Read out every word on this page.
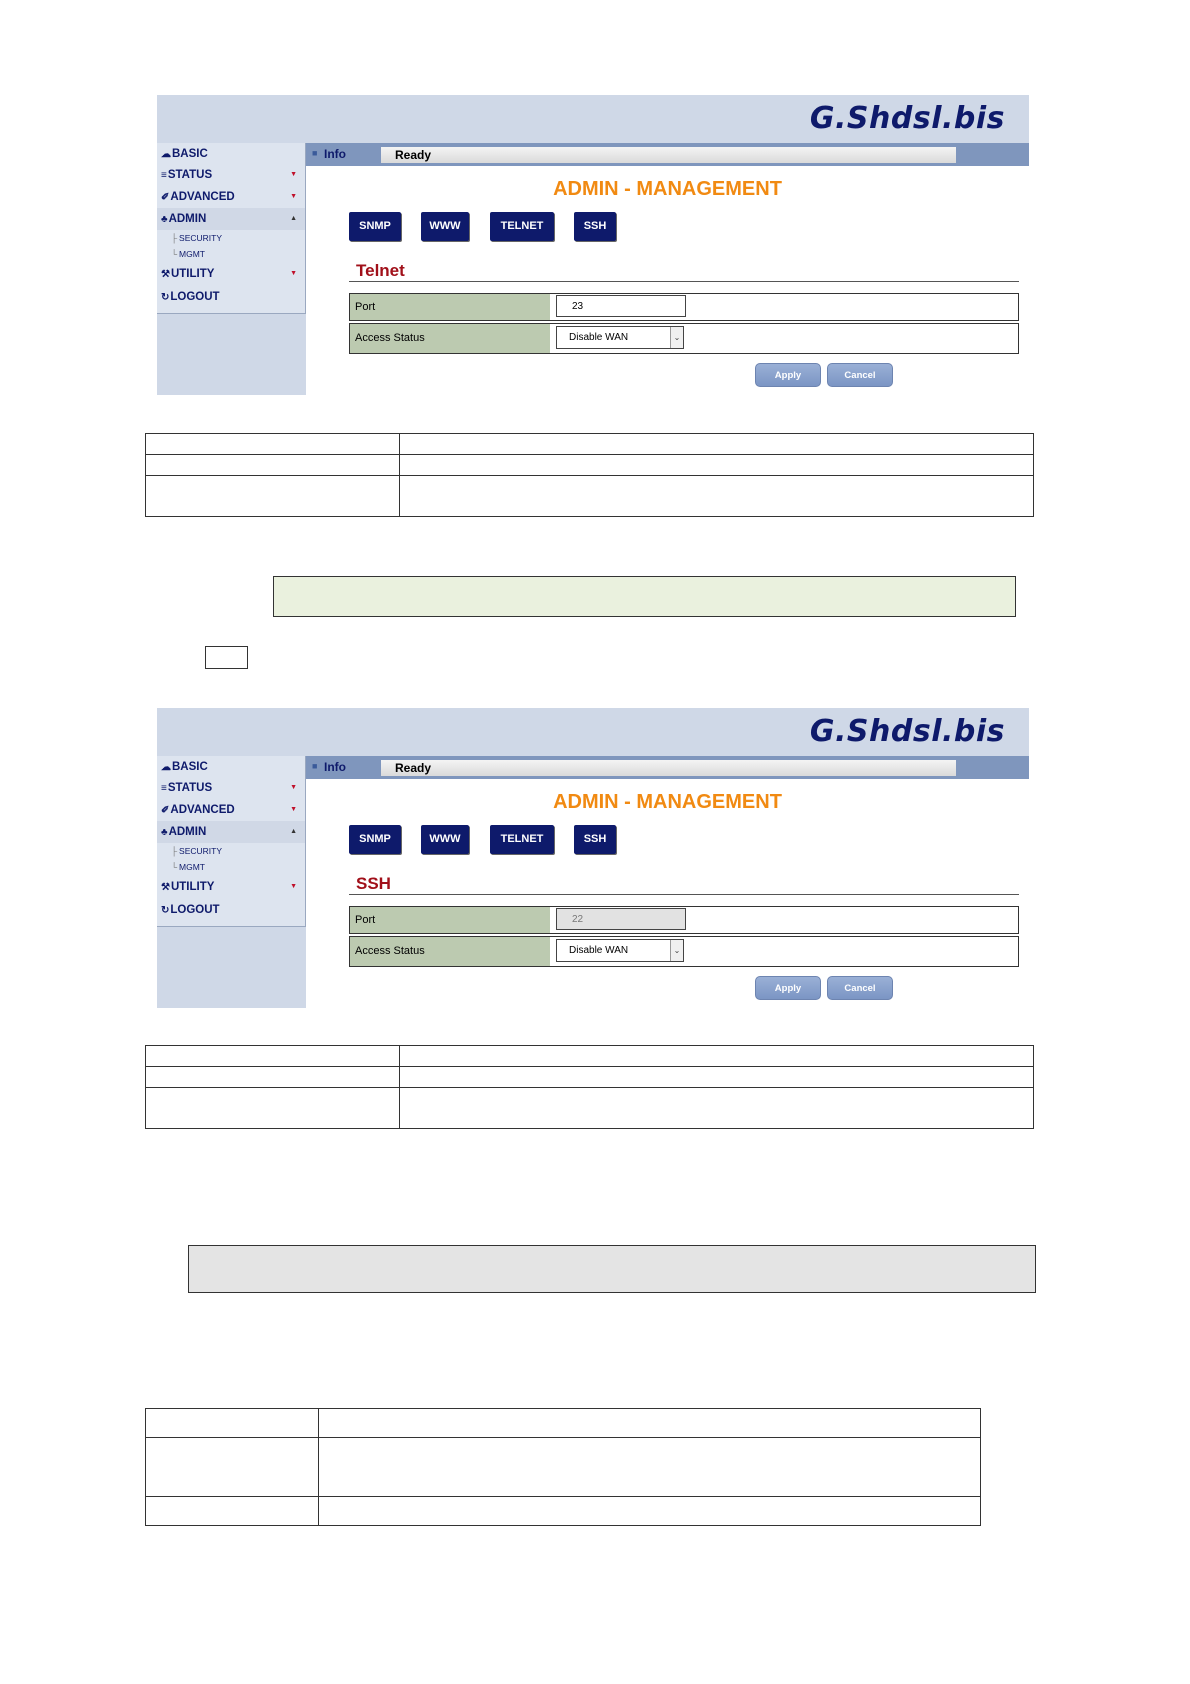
G.Shdsl.bis
☁BASIC
≡STATUS	▼
✐ADVANCED	▼
♣ADMIN	▲
├ SECURITY
└ MGMT
⚒UTILITY	▼
↻LOGOUT
■ Info	Ready
ADMIN - MANAGEMENT
SNMP	WWW	TELNET	SSH
Telnet
Port	23
Access Status	Disable WAN	⌄
Apply	Cancel

G.Shdsl.bis
☁BASIC
≡STATUS	▼
✐ADVANCED	▼
♣ADMIN	▲
├ SECURITY
└ MGMT
⚒UTILITY	▼
↻LOGOUT
■ Info	Ready
ADMIN - MANAGEMENT
SNMP	WWW	TELNET	SSH
SSH
Port	22
Access Status	Disable WAN	⌄
Apply	Cancel
